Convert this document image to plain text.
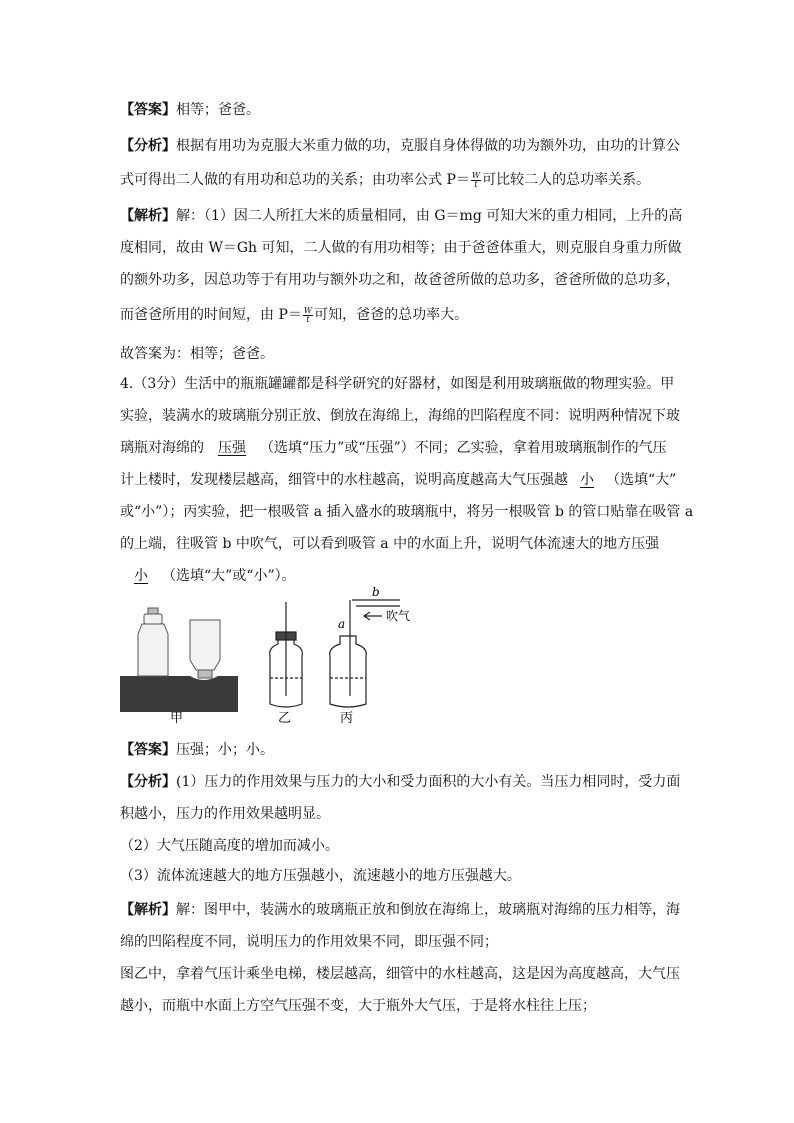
【答案】相等；爸爸。
【分析】根据有用功为克服大米重力做的功，克服自身体得做的功为额外功，由功的计算公
式可得出二人做的有用功和总功的关系；由功率公式 $P= \frac{W}{t}$ 可比较二人的总功率关系。
【解析】解：（1）因二人所扛大米的质量相同，由 G＝mg 可知大米的重力相同，上升的高
度相同，故由 W＝Gh 可知，二人做的有用功相等；由于爸爸体重大，则克服自身重力所做
的额外功多，因总功等于有用功与额外功之和，故爸爸所做的总功多，爸爸所做的总功多，
而爸爸所用的时间短，由 $P= \frac{W}{t}$ 可知，爸爸的总功率大。
故答案为：相等；爸爸。
4.（3分）生活中的瓶瓶罐罐都是科学研究的好器材，如图是利用玻璃瓶做的物理实验。甲
实验，装满水的玻璃瓶分别正放、倒放在海绵上，海绵的凹陷程度不同：说明两种情况下玻
璃瓶对海绵的 压强 （选填“压力”或“压强”）不同；乙实验，拿着用玻璃瓶制作的气压
计上楼时，发现楼层越高，细管中的水柱越高，说明高度越高大气压强越 小 （选填“大”
或“小”）；丙实验，把一根吸管 a 插入盛水的玻璃瓶中，将另一根吸管 b 的管口贴靠在吸管 a
的上端，往吸管 b 中吹气，可以看到吸管 a 中的水面上升，说明气体流速大的地方压强
小 （选填“大”或“小”）。
a
b
吹气
甲	乙	丙
【答案】压强；小；小。
【分析】(1）压力的作用效果与压力的大小和受力面积的大小有关。当压力相同时，受力面
积越小，压力的作用效果越明显。
（2）大气压随高度的增加而减小。
（3）流体流速越大的地方压强越小，流速越小的地方压强越大。
【解析】解：图甲中，装满水的玻璃瓶正放和倒放在海绵上，玻璃瓶对海绵的压力相等，海
绵的凹陷程度不同，说明压力的作用效果不同，即压强不同；
图乙中，拿着气压计乘坐电梯，楼层越高，细管中的水柱越高，这是因为高度越高，大气压
越小，而瓶中水面上方空气压强不变，大于瓶外大气压，于是将水柱往上压；
